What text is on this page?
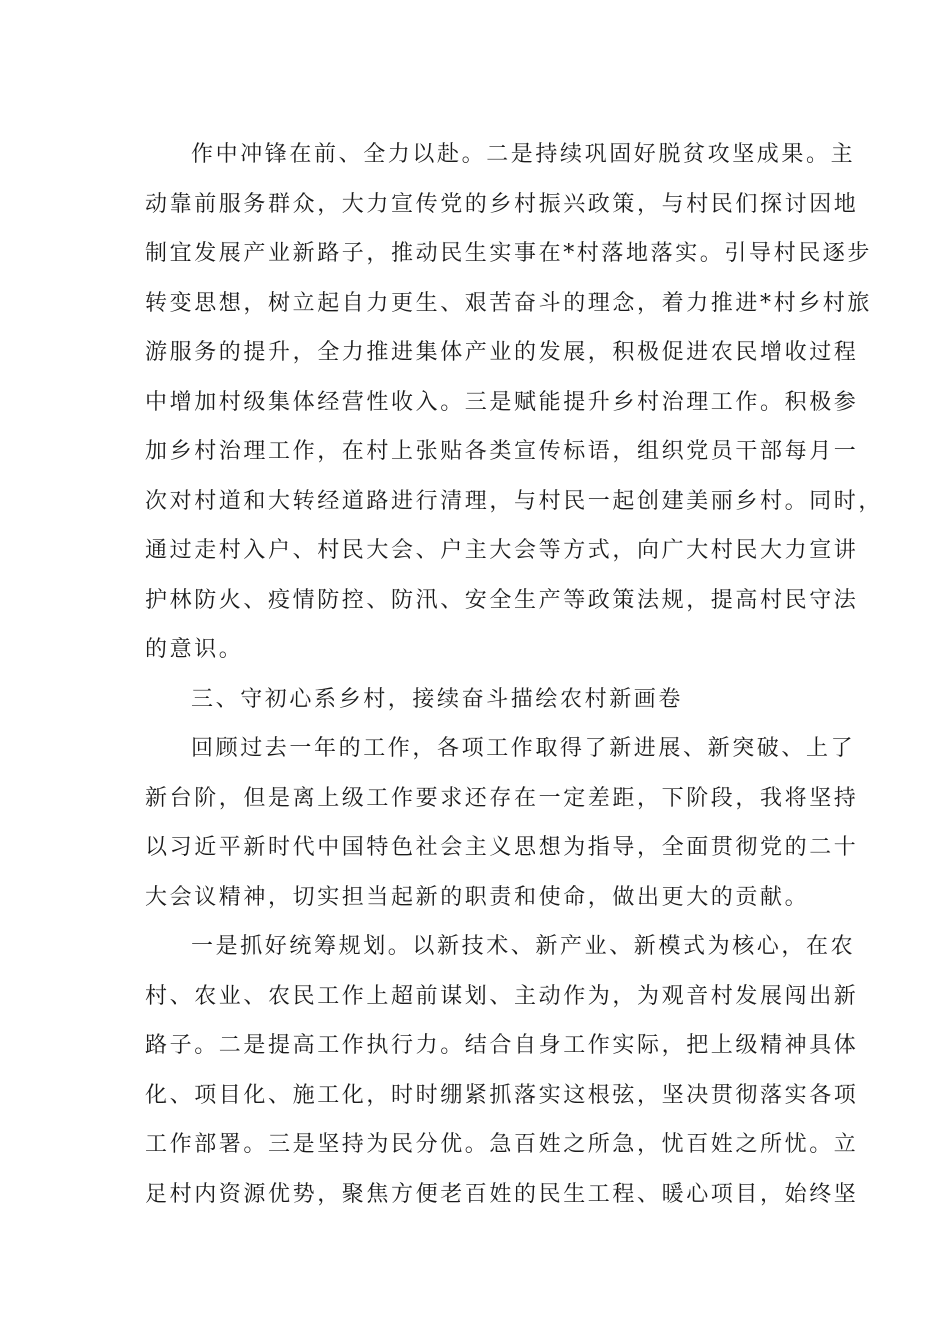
作中冲锋在前、全力以赴。二是持续巩固好脱贫攻坚成果。主
动靠前服务群众，大力宣传党的乡村振兴政策，与村民们探讨因地
制宜发展产业新路子，推动民生实事在*村落地落实。引导村民逐步
转变思想，树立起自力更生、艰苦奋斗的理念，着力推进*村乡村旅
游服务的提升，全力推进集体产业的发展，积极促进农民增收过程
中增加村级集体经营性收入。三是赋能提升乡村治理工作。积极参
加乡村治理工作，在村上张贴各类宣传标语，组织党员干部每月一
次对村道和大转经道路进行清理，与村民一起创建美丽乡村。同时，
通过走村入户、村民大会、户主大会等方式，向广大村民大力宣讲
护林防火、疫情防控、防汛、安全生产等政策法规，提高村民守法
的意识。
三、守初心系乡村，接续奋斗描绘农村新画卷
回顾过去一年的工作，各项工作取得了新进展、新突破、上了
新台阶，但是离上级工作要求还存在一定差距，下阶段，我将坚持
以习近平新时代中国特色社会主义思想为指导，全面贯彻党的二十
大会议精神，切实担当起新的职责和使命，做出更大的贡献。
一是抓好统筹规划。以新技术、新产业、新模式为核心，在农
村、农业、农民工作上超前谋划、主动作为，为观音村发展闯出新
路子。二是提高工作执行力。结合自身工作实际，把上级精神具体
化、项目化、施工化，时时绷紧抓落实这根弦，坚决贯彻落实各项
工作部署。三是坚持为民分优。急百姓之所急，忧百姓之所忧。立
足村内资源优势，聚焦方便老百姓的民生工程、暖心项目，始终坚
